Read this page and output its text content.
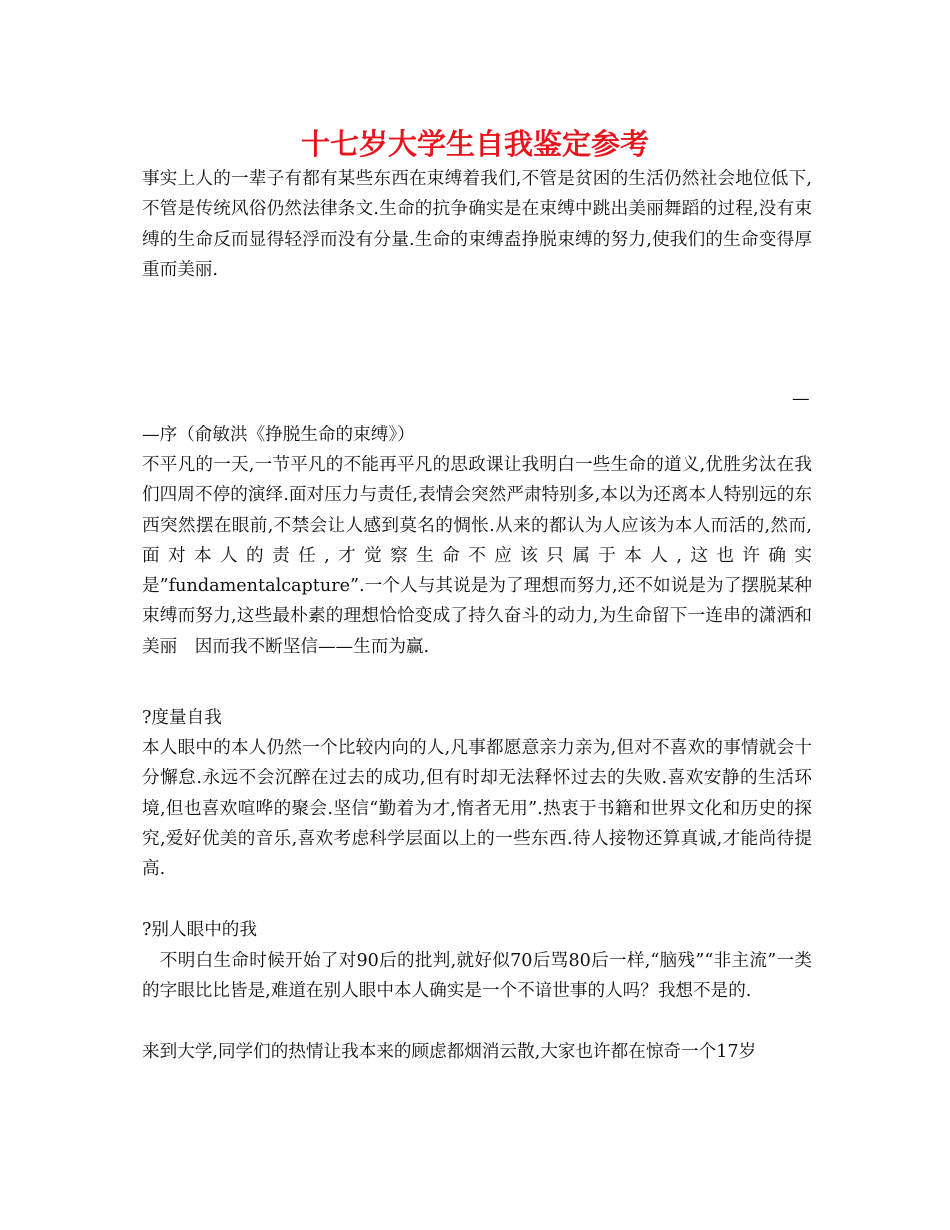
十七岁大学生自我鉴定参考

事实上人的一辈子有都有某些东西在束缚着我们,不管是贫困的生活仍然社会地位低下,不管是传统风俗仍然法律条文.生命的抗争确实是在束缚中跳出美丽舞蹈的过程,没有束缚的生命反而显得轻浮而没有分量.生命的束缚盍挣脱束缚的努力,使我们的生命变得厚重而美丽.

—

—序（俞敏洪《挣脱生命的束缚》）

不平凡的一天,一节平凡的不能再平凡的思政课让我明白一些生命的道义,优胜劣汰在我们四周不停的演绎.面对压力与责任,表情会突然严肃特别多,本以为还离本人特别远的东西突然摆在眼前,不禁会让人感到莫名的惆怅.从来的都认为人应该为本人而活的,然而,面对本人的责任,才觉察生命不应该只属于本人,这也许确实是”fundamentalcapture”.一个人与其说是为了理想而努力,还不如说是为了摆脱某种束缚而努力,这些最朴素的理想恰恰变成了持久奋斗的动力,为生命留下一连串的潇洒和美丽　因而我不断坚信——生而为赢.

?度量自我

本人眼中的本人仍然一个比较内向的人,凡事都愿意亲力亲为,但对不喜欢的事情就会十分懈怠.永远不会沉醉在过去的成功,但有时却无法释怀过去的失败.喜欢安静的生活环境,但也喜欢喧哗的聚会.坚信“勤着为才,惰者无用”.热衷于书籍和世界文化和历史的探究,爱好优美的音乐,喜欢考虑科学层面以上的一些东西.待人接物还算真诚,才能尚待提高.

?别人眼中的我

　不明白生命时候开始了对90后的批判,就好似70后骂80后一样,“脑残”“非主流”一类的字眼比比皆是,难道在别人眼中本人确实是一个不谙世事的人吗？我想不是的.

来到大学,同学们的热情让我本来的顾虑都烟消云散,大家也许都在惊奇一个17岁
